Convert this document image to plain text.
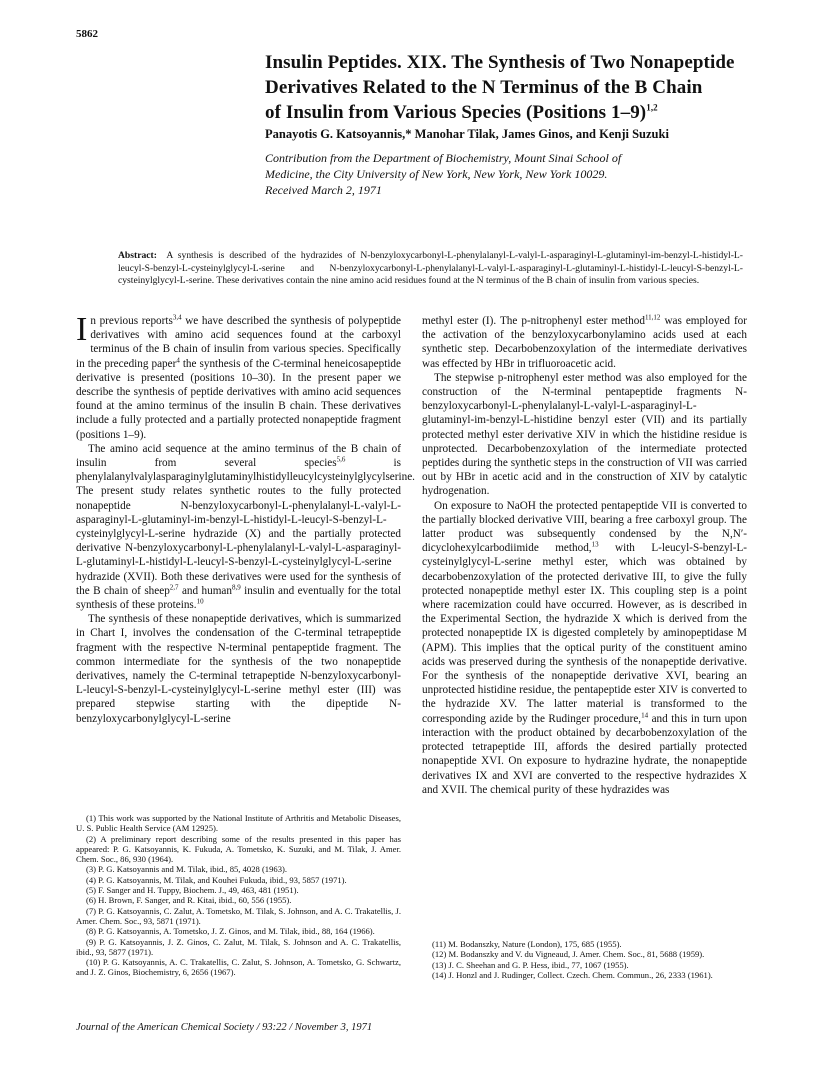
5862
Insulin Peptides. XIX. The Synthesis of Two Nonapeptide
Derivatives Related to the N Terminus of the B Chain
of Insulin from Various Species (Positions 1–9)$^{1,2}$
Panayotis G. Katsoyannis,* Manohar Tilak, James Ginos, and Kenji Suzuki
Contribution from the Department of Biochemistry, Mount Sinai School of
Medicine, the City University of New York, New York, New York 10029.
Received March 2, 1971
Abstract: A synthesis is described of the hydrazides of N-benzyloxycarbonyl-L-phenylalanyl-L-valyl-L-asparaginyl-L-glutaminyl-im-benzyl-L-histidyl-L-leucyl-S-benzyl-L-cysteinylglycyl-L-serine and N-benzyloxycarbonyl-L-phenylalanyl-L-valyl-L-asparaginyl-L-glutaminyl-L-histidyl-L-leucyl-S-benzyl-L-cysteinylglycyl-L-serine. These derivatives contain the nine amino acid residues found at the N terminus of the B chain of insulin from various species.

In previous reports$^{3,4}$ we have described the synthesis of polypeptide derivatives with amino acid sequences found at the carboxyl terminus of the B chain of insulin from various species. Specifically in the preceding paper$^4$ the synthesis of the C-terminal heneicosapeptide derivative is presented (positions 10–30). In the present paper we describe the synthesis of peptide derivatives with amino acid sequences found at the amino terminus of the insulin B chain. These derivatives include a fully protected and a partially protected nonapeptide fragment (positions 1–9).

The amino acid sequence at the amino terminus of the B chain of insulin from several species$^{5,6}$ is phenylalanylvalylasparaginylglutaminylhistidylleucylcysteinylglycylserine. The present study relates synthetic routes to the fully protected nonapeptide N-benzyloxycarbonyl-L-phenylalanyl-L-valyl-L-asparaginyl-L-glutaminyl-im-benzyl-L-histidyl-L-leucyl-S-benzyl-L-cysteinylglycyl-L-serine hydrazide (X) and the partially protected derivative N-benzyloxycarbonyl-L-phenylalanyl-L-valyl-L-asparaginyl-L-glutaminyl-L-histidyl-L-leucyl-S-benzyl-L-cysteinylglycyl-L-serine hydrazide (XVII). Both these derivatives were used for the synthesis of the B chain of sheep$^{2,7}$ and human$^{8,9}$ insulin and eventually for the total synthesis of these proteins.$^{10}$

The synthesis of these nonapeptide derivatives, which is summarized in Chart I, involves the condensation of the C-terminal tetrapeptide fragment with the respective N-terminal pentapeptide fragment. The common intermediate for the synthesis of the two nonapeptide derivatives, namely the C-terminal tetrapeptide N-benzyloxycarbonyl-L-leucyl-S-benzyl-L-cysteinylglycyl-L-serine methyl ester (III) was prepared stepwise starting with the dipeptide N-benzyloxycarbonylglycyl-L-serine

methyl ester (I). The p-nitrophenyl ester method$^{11,12}$ was employed for the activation of the benzyloxycarbonylamino acids used at each synthetic step. Decarbobenzoxylation of the intermediate derivatives was effected by HBr in trifluoroacetic acid.

The stepwise p-nitrophenyl ester method was also employed for the construction of the N-terminal pentapeptide fragments N-benzyloxycarbonyl-L-phenylalanyl-L-valyl-L-asparaginyl-L-glutaminyl-im-benzyl-L-histidine benzyl ester (VII) and its partially protected methyl ester derivative XIV in which the histidine residue is unprotected. Decarbobenzoxylation of the intermediate protected peptides during the synthetic steps in the construction of VII was carried out by HBr in acetic acid and in the construction of XIV by catalytic hydrogenation.

On exposure to NaOH the protected pentapeptide VII is converted to the partially blocked derivative VIII, bearing a free carboxyl group. The latter product was subsequently condensed by the N,N′-dicyclohexylcarbodiimide method,$^{13}$ with L-leucyl-S-benzyl-L-cysteinylglycyl-L-serine methyl ester, which was obtained by decarbobenzoxylation of the protected derivative III, to give the fully protected nonapeptide methyl ester IX. This coupling step is a point where racemization could have occurred. However, as is described in the Experimental Section, the hydrazide X which is derived from the protected nonapeptide IX is digested completely by aminopeptidase M (APM). This implies that the optical purity of the constituent amino acids was preserved during the synthesis of the nonapeptide derivative. For the synthesis of the nonapeptide derivative XVI, bearing an unprotected histidine residue, the pentapeptide ester XIV is converted to the hydrazide XV. The latter material is transformed to the corresponding azide by the Rudinger procedure,$^{14}$ and this in turn upon interaction with the product obtained by decarbobenzoxylation of the protected tetrapeptide III, affords the desired partially protected nonapeptide XVI. On exposure to hydrazine hydrate, the nonapeptide derivatives IX and XVI are converted to the respective hydrazides X and XVII. The chemical purity of these hydrazides was

(1) This work was supported by the National Institute of Arthritis and Metabolic Diseases, U. S. Public Health Service (AM 12925).

(2) A preliminary report describing some of the results presented in this paper has appeared: P. G. Katsoyannis, K. Fukuda, A. Tometsko, K. Suzuki, and M. Tilak, J. Amer. Chem. Soc., 86, 930 (1964).

(3) P. G. Katsoyannis and M. Tilak, ibid., 85, 4028 (1963).

(4) P. G. Katsoyannis, M. Tilak, and Kouhei Fukuda, ibid., 93, 5857 (1971).

(5) F. Sanger and H. Tuppy, Biochem. J., 49, 463, 481 (1951).

(6) H. Brown, F. Sanger, and R. Kitai, ibid., 60, 556 (1955).

(7) P. G. Katsoyannis, C. Zalut, A. Tometsko, M. Tilak, S. Johnson, and A. C. Trakatellis, J. Amer. Chem. Soc., 93, 5871 (1971).

(8) P. G. Katsoyannis, A. Tometsko, J. Z. Ginos, and M. Tilak, ibid., 88, 164 (1966).

(9) P. G. Katsoyannis, J. Z. Ginos, C. Zalut, M. Tilak, S. Johnson and A. C. Trakatellis, ibid., 93, 5877 (1971).

(10) P. G. Katsoyannis, A. C. Trakatellis, C. Zalut, S. Johnson, A. Tometsko, G. Schwartz, and J. Z. Ginos, Biochemistry, 6, 2656 (1967).

(11) M. Bodanszky, Nature (London), 175, 685 (1955).

(12) M. Bodanszky and V. du Vigneaud, J. Amer. Chem. Soc., 81, 5688 (1959).

(13) J. C. Sheehan and G. P. Hess, ibid., 77, 1067 (1955).

(14) J. Honzl and J. Rudinger, Collect. Czech. Chem. Commun., 26, 2333 (1961).

Journal of the American Chemical Society / 93:22 / November 3, 1971
